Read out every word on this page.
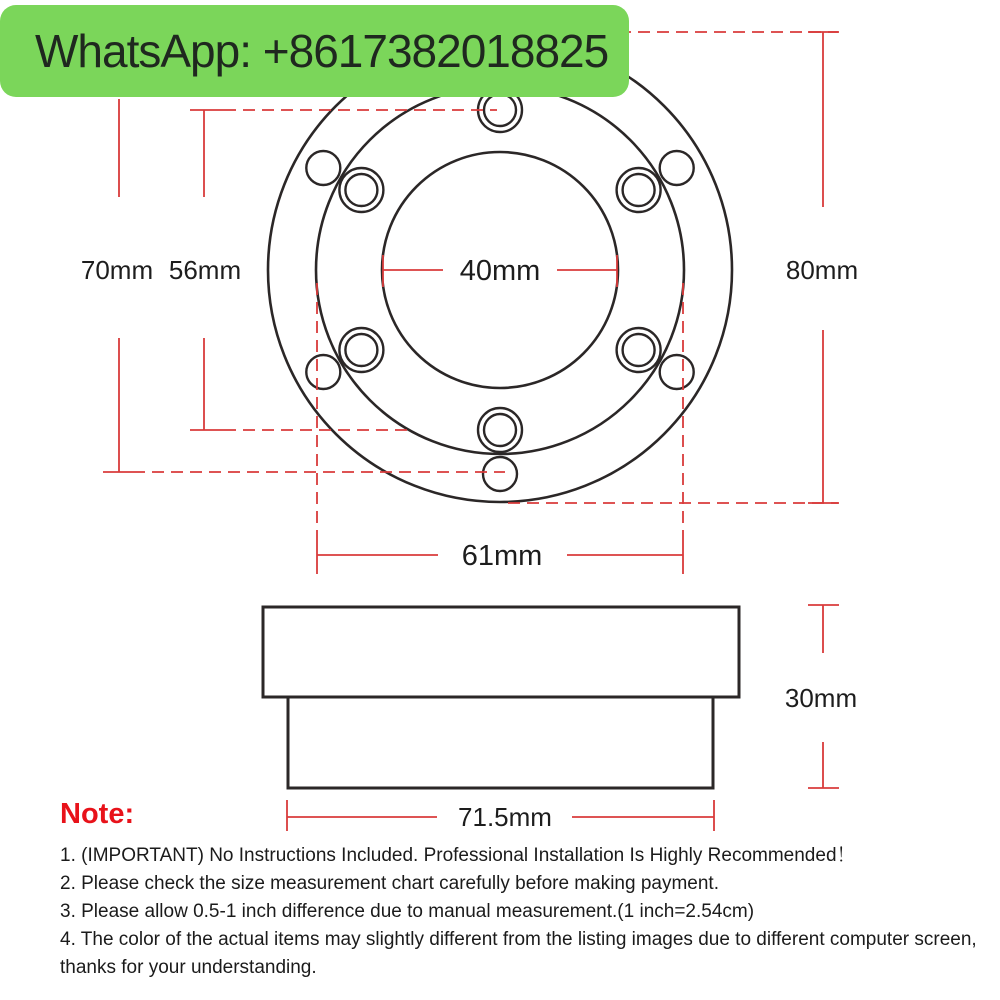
70mm 56mm	40mm	80mm
61mm
30mm
71.5mm
WhatsApp: +8617382018825
Note:
1. (IMPORTANT) No Instructions Included. Professional Installation Is Highly Recommended！
2. Please check the size measurement chart carefully before making payment.
3. Please allow 0.5-1 inch difference due to manual measurement.(1 inch=2.54cm)
4. The color of the actual items may slightly different from the listing images due to different computer screen, thanks for your understanding.
